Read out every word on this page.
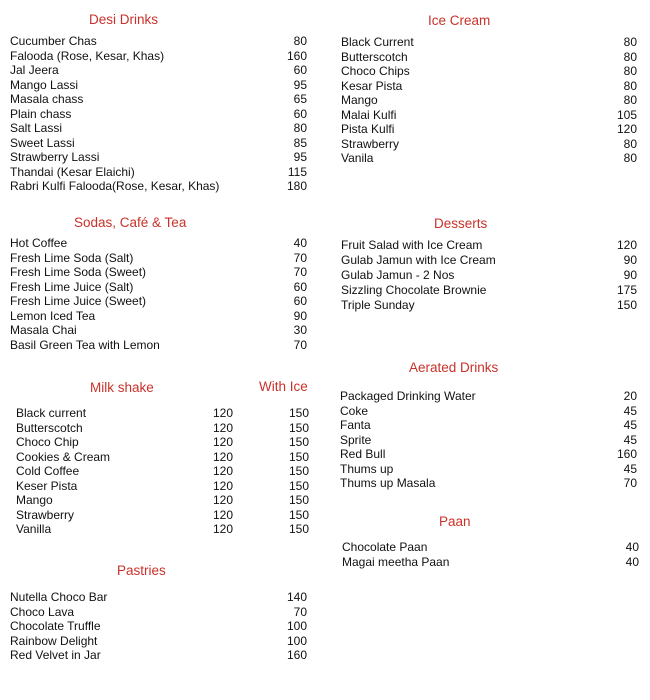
Desi Drinks
Cucumber Chas	80
Falooda (Rose, Kesar, Khas)	160
Jal Jeera	60
Mango Lassi	95
Masala chass	65
Plain chass	60
Salt Lassi	80
Sweet Lassi	85
Strawberry Lassi	95
Thandai (Kesar Elaichi)	115
Rabri Kulfi Falooda(Rose, Kesar, Khas)	180
Ice Cream
Black Current	80
Butterscotch	80
Choco Chips	80
Kesar Pista	80
Mango	80
Malai Kulfi	105
Pista Kulfi	120
Strawberry	80
Vanila	80
Sodas, Café & Tea
Hot Coffee	40
Fresh Lime Soda (Salt)	70
Fresh Lime Soda (Sweet)	70
Fresh Lime Juice (Salt)	60
Fresh Lime Juice (Sweet)	60
Lemon Iced Tea	90
Masala Chai	30
Basil Green Tea with Lemon	70
Desserts
Fruit Salad with Ice Cream	120
Gulab Jamun with Ice Cream	90
Gulab Jamun - 2 Nos	90
Sizzling Chocolate Brownie	175
Triple Sunday	150
Milk shake	With Ice
Black current	120	150
Butterscotch	120	150
Choco Chip	120	150
Cookies & Cream	120	150
Cold Coffee	120	150
Keser Pista	120	150
Mango	120	150
Strawberry	120	150
Vanilla	120	150
Aerated Drinks
Packaged Drinking Water	20
Coke	45
Fanta	45
Sprite	45
Red Bull	160
Thums up	45
Thums up Masala	70
Paan
Chocolate Paan	40
Magai meetha Paan	40
Pastries
Nutella Choco Bar	140
Choco Lava	70
Chocolate Truffle	100
Rainbow Delight	100
Red Velvet in Jar	160
